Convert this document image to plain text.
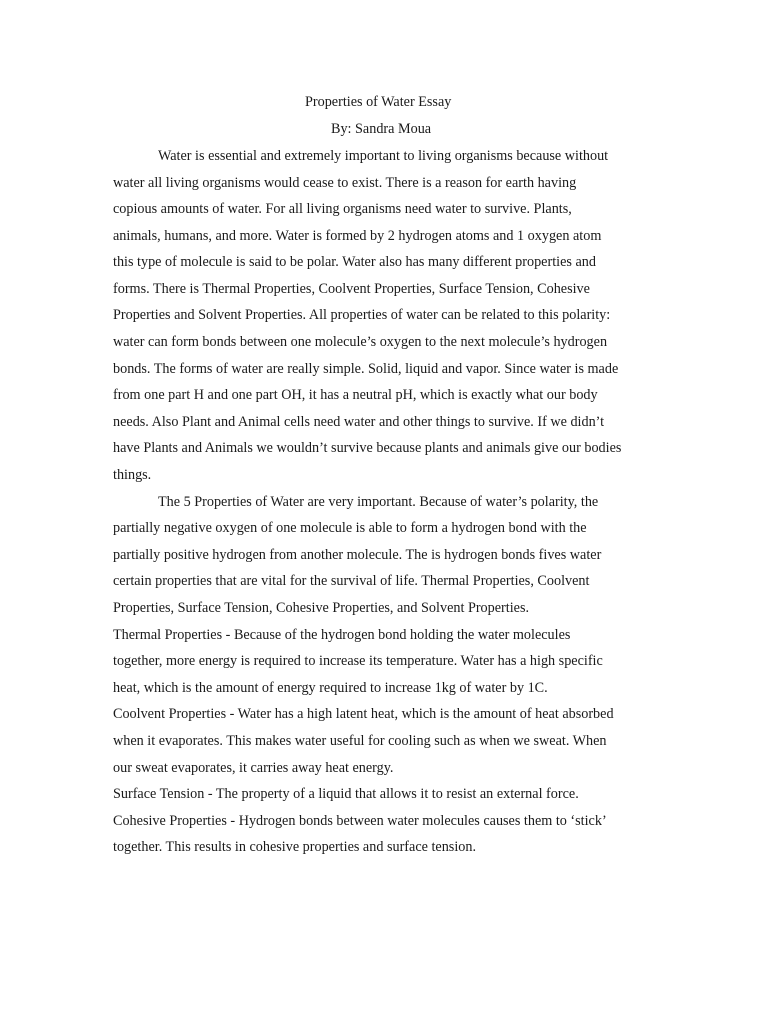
Properties of Water Essay
By: Sandra Moua
Water is essential and extremely important to living organisms because without
water all living organisms would cease to exist. There is a reason for earth having
copious amounts of water. For all living organisms need water to survive. Plants,
animals, humans, and more. Water is formed by 2 hydrogen atoms and 1 oxygen atom
this type of molecule is said to be polar. Water also has many different properties and
forms. There is Thermal Properties, Coolvent Properties, Surface Tension, Cohesive
Properties and Solvent Properties. All properties of water can be related to this polarity:
water can form bonds between one molecule’s oxygen to the next molecule’s hydrogen
bonds. The forms of water are really simple. Solid, liquid and vapor. Since water is made
from one part H and one part OH, it has a neutral pH, which is exactly what our body
needs. Also Plant and Animal cells need water and other things to survive. If we didn’t
have Plants and Animals we wouldn’t survive because plants and animals give our bodies
things.
The 5 Properties of Water are very important. Because of water’s polarity, the
partially negative oxygen of one molecule is able to form a hydrogen bond with the
partially positive hydrogen from another molecule. The is hydrogen bonds fives water
certain properties that are vital for the survival of life. Thermal Properties, Coolvent
Properties, Surface Tension, Cohesive Properties, and Solvent Properties.
Thermal Properties - Because of the hydrogen bond holding the water molecules
together, more energy is required to increase its temperature. Water has a high specific
heat, which is the amount of energy required to increase 1kg of water by 1C.
Coolvent Properties - Water has a high latent heat, which is the amount of heat absorbed
when it evaporates. This makes water useful for cooling such as when we sweat. When
our sweat evaporates, it carries away heat energy.
Surface Tension - The property of a liquid that allows it to resist an external force.
Cohesive Properties - Hydrogen bonds between water molecules causes them to ‘stick’
together. This results in cohesive properties and surface tension.
